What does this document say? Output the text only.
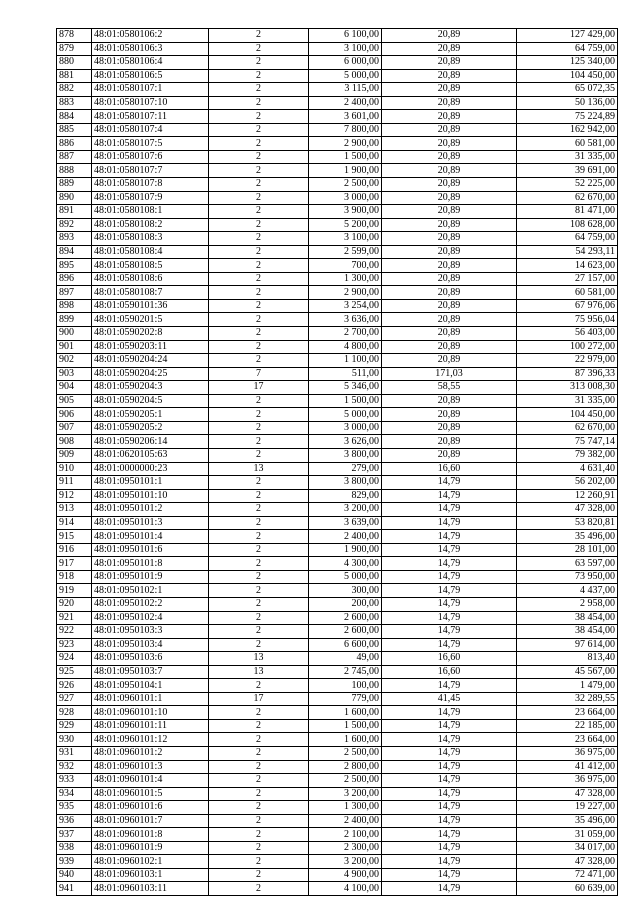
878	48:01:0580106:2	2	6 100,00	20,89	127 429,00
879	48:01:0580106:3	2	3 100,00	20,89	64 759,00
880	48:01:0580106:4	2	6 000,00	20,89	125 340,00
881	48:01:0580106:5	2	5 000,00	20,89	104 450,00
882	48:01:0580107:1	2	3 115,00	20,89	65 072,35
883	48:01:0580107:10	2	2 400,00	20,89	50 136,00
884	48:01:0580107:11	2	3 601,00	20,89	75 224,89
885	48:01:0580107:4	2	7 800,00	20,89	162 942,00
886	48:01:0580107:5	2	2 900,00	20,89	60 581,00
887	48:01:0580107:6	2	1 500,00	20,89	31 335,00
888	48:01:0580107:7	2	1 900,00	20,89	39 691,00
889	48:01:0580107:8	2	2 500,00	20,89	52 225,00
890	48:01:0580107:9	2	3 000,00	20,89	62 670,00
891	48:01:0580108:1	2	3 900,00	20,89	81 471,00
892	48:01:0580108:2	2	5 200,00	20,89	108 628,00
893	48:01:0580108:3	2	3 100,00	20,89	64 759,00
894	48:01:0580108:4	2	2 599,00	20,89	54 293,11
895	48:01:0580108:5	2	700,00	20,89	14 623,00
896	48:01:0580108:6	2	1 300,00	20,89	27 157,00
897	48:01:0580108:7	2	2 900,00	20,89	60 581,00
898	48:01:0590101:36	2	3 254,00	20,89	67 976,06
899	48:01:0590201:5	2	3 636,00	20,89	75 956,04
900	48:01:0590202:8	2	2 700,00	20,89	56 403,00
901	48:01:0590203:11	2	4 800,00	20,89	100 272,00
902	48:01:0590204:24	2	1 100,00	20,89	22 979,00
903	48:01:0590204:25	7	511,00	171,03	87 396,33
904	48:01:0590204:3	17	5 346,00	58,55	313 008,30
905	48:01:0590204:5	2	1 500,00	20,89	31 335,00
906	48:01:0590205:1	2	5 000,00	20,89	104 450,00
907	48:01:0590205:2	2	3 000,00	20,89	62 670,00
908	48:01:0590206:14	2	3 626,00	20,89	75 747,14
909	48:01:0620105:63	2	3 800,00	20,89	79 382,00
910	48:01:0000000:23	13	279,00	16,60	4 631,40
911	48:01:0950101:1	2	3 800,00	14,79	56 202,00
912	48:01:0950101:10	2	829,00	14,79	12 260,91
913	48:01:0950101:2	2	3 200,00	14,79	47 328,00
914	48:01:0950101:3	2	3 639,00	14,79	53 820,81
915	48:01:0950101:4	2	2 400,00	14,79	35 496,00
916	48:01:0950101:6	2	1 900,00	14,79	28 101,00
917	48:01:0950101:8	2	4 300,00	14,79	63 597,00
918	48:01:0950101:9	2	5 000,00	14,79	73 950,00
919	48:01:0950102:1	2	300,00	14,79	4 437,00
920	48:01:0950102:2	2	200,00	14,79	2 958,00
921	48:01:0950102:4	2	2 600,00	14,79	38 454,00
922	48:01:0950103:3	2	2 600,00	14,79	38 454,00
923	48:01:0950103:4	2	6 600,00	14,79	97 614,00
924	48:01:0950103:6	13	49,00	16,60	813,40
925	48:01:0950103:7	13	2 745,00	16,60	45 567,00
926	48:01:0950104:1	2	100,00	14,79	1 479,00
927	48:01:0960101:1	17	779,00	41,45	32 289,55
928	48:01:0960101:10	2	1 600,00	14,79	23 664,00
929	48:01:0960101:11	2	1 500,00	14,79	22 185,00
930	48:01:0960101:12	2	1 600,00	14,79	23 664,00
931	48:01:0960101:2	2	2 500,00	14,79	36 975,00
932	48:01:0960101:3	2	2 800,00	14,79	41 412,00
933	48:01:0960101:4	2	2 500,00	14,79	36 975,00
934	48:01:0960101:5	2	3 200,00	14,79	47 328,00
935	48:01:0960101:6	2	1 300,00	14,79	19 227,00
936	48:01:0960101:7	2	2 400,00	14,79	35 496,00
937	48:01:0960101:8	2	2 100,00	14,79	31 059,00
938	48:01:0960101:9	2	2 300,00	14,79	34 017,00
939	48:01:0960102:1	2	3 200,00	14,79	47 328,00
940	48:01:0960103:1	2	4 900,00	14,79	72 471,00
941	48:01:0960103:11	2	4 100,00	14,79	60 639,00
